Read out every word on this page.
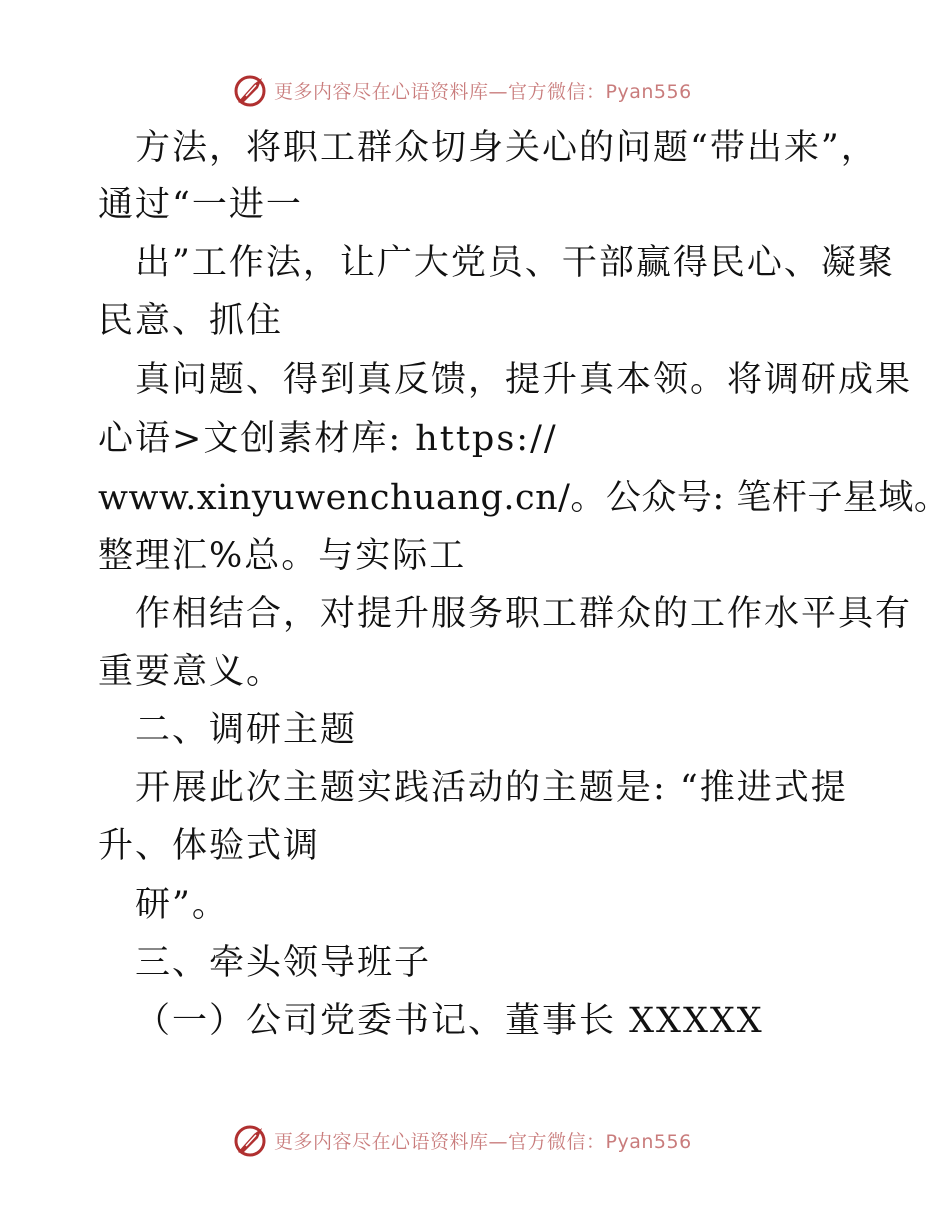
更多内容尽在心语资料库—官方微信：Pyan556
方法，将职工群众切身关心的问题“带出来”，
通过“一进一
出”工作法，让广大党员、干部赢得民心、凝聚
民意、抓住
真问题、得到真反馈，提升真本领。将调研成果
心语>文创素材库: https://
www.xinyuwenchuang.cn/。公众号: 笔杆子星域。
整理汇%总。与实际工
作相结合，对提升服务职工群众的工作水平具有
重要意义。
二、调研主题
开展此次主题实践活动的主题是: “推进式提
升、体验式调
研”。
三、牵头领导班子
（一）公司党委书记、董事长 XXXXX
更多内容尽在心语资料库—官方微信：Pyan556
